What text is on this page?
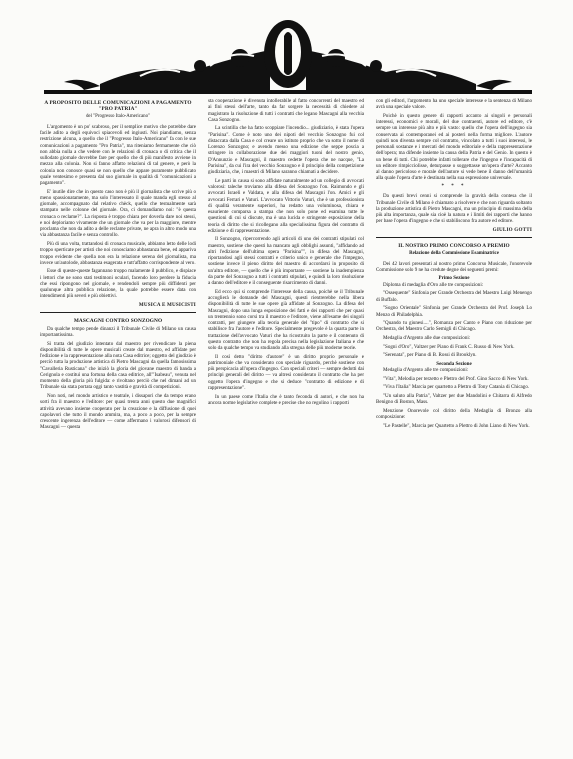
A PROPOSITO DELLE COMUNICAZIONI A PAGAMENTO "PRO PATRIA"
del "Progresso Italo-Americano"

L'argomento è un po' scabroso, per il semplice motivo che potrebbe dare facile adito a degli equivoci spiacevoli ed ingiusti. Noi piandiamo, senza restrizione alcuna, a quello che il "Progresso Italo-Americano" fa con le sue comunicazioni a pagamento "Pro Patria", ma riteniamo fermamente che ciò non abbia nulla a che vedere con le relazioni di cronaca o di critica che il sullodato giornale dovrebbe fare per quello che di più manifesto avviene in mezzo alla colonia. Non si fanno affatto relazioni di tal genere, e però la colonia non conosce quasi se non quello che appare puramente pubblicato quale ventesimo e presenta dal suo giornale in qualità di "comunicazioni a pagamento".

E' inutile dire che in questo caso non è più il giornalista che scrive più o meno spassionatamente, ma solo l'interessato il quale manda egli stesso al giornale, accompagnato dal relativo chèck, quello che testualmente sarà stampato nelle colonne del giornale. Ora, ci domandiamo noi: "è questa cronaca o reclame?". La risposta è troppo chiara per doverla dare noi stessi, e noi deploriamo vivamente che un giornale che va per la maggiore, mentre proclama che non da adito a delle reclame private, ne apra in altro modo una via abbastanza facile e senza controllo.

Più di una volta, trattandosi di cronaca musicale, abbiamo letto delle lodi troppo sperticate per artisti che noi conosciamo abbastanza bene, ed appariva troppo evidente che quella non era la relazione serena del giornalista, ma invece un'autolode, abbastanza esagerata e tutt'affatto corrispondente al vero.

Esse di queste-queste fagannano troppo malamente il pubblico, e dispiace i lettori che ne sono stati testimoni oculari, facendo loro perdere la fiducia che essi ripongono nel giornale, e rendendoli sempre più diffidenti per qualunque altra pubblica relazione, la quale potrebbe essere data con intendimenti più severi e più obiettivi.

MUSICA E MUSICISTI
MASCAGNI CONTRO SONZOGNO

Da qualche tempo pende dinanzi il Tribunale Civile di Milano un causa importantissima.

Si tratta del giudizio intentato dal maestro per rivendicare la piena disponibilità di tutte le opere musicali create dal maestro, ed affidate per l'edizione e la rappresentazione alla nota Casa editrice; oggetto del giudizio è perciò tutta la produzione artistica di Pietro Mascagni da quella famosissima "Cavalleria Rusticana" che iniziò la gloria del giovane maestro di banda a Cerignola e costituì una fortuna della casa editrice, all'"Isabeau", venuta nel momento della gloria più fulgida: e rivoltano perciò che nel dimani ad un Tribunale sia stata portata oggi tanto vastità e gravità di competizioni.

Non noti, nel mondo artistico e teatrale, i dissapori che da tempo erano sorti fra il maestro e l'editore: per quasi trenta anni questo due magnifici attività avevano insieme cooperato per la creazione e la diffusione di quei capolavori che tutto il mondo ammira, ma, a poco a poco, per la sempre crescente ingerenza dell'editore — come affermano i valorosi difensori di Mascagni — questa

sta cooperazione è divenuta intollerabile al fatto concorrenti del maestro ed ai fini stessi dell'arte, tanto da far sorgere la necessità di chiedere al magistrato la risoluzione di tutti i contratti che legano Mascagni alla vecchia Casa Sonzogno.

La scintilla che ha fatto scoppiare l'incendio... giudiziario, è stata l'opera "Parisina". Come è noto uno dei nipoti del vecchio Sonzogno fui col distaccata dalla Casa e col creare un istituto proprio che va sotto il nome di Lorenzo Sonzogno; e avendo messo una edizione che seppe poscia a stringere in collaborazione due dei maggiori tuoni del nostro genio, D'Annunzio e Mascagni, il maestro cedette l'opera che ne nacque, "La Parisina", da cui l'ira del vecchio Sonzogno e il principio della competizione giudiziaria, che, i maestri di Milano saranno chiamati a decidere.

Le parti in causa si sono affidate naturalmente ad un collegio di avvocati valorosi: taleche troviamo alla difesa del Sonzogno l'on. Raimondo e gli avvocati Israeli e Valdata, e alla difesa del Mascagni l'on. Amici e gli avvocati Ferrari e Vaturi. L'avvocato Vittorio Vaturi, che è un professionista di qualità veramente superiori, ha redatto una voluminosa, chiara e esauriente comparsa a stampa che non solo pone ed esamina tutte le questioni di cui si discute, ma è una lucida e stringente esposizione della teoria di diritto che si ricollegano alla specialissima figura del contratto di edizione e di rappresentazione.

Il Sonzogno, ripercorrendo agli articoli di uno dei contratti stipulati col maestro, sostiene che questi ha mancato agli obblighi assunti, "affidando ad altri l'edizione dell'ultima opera "Parisina"", in difesa del Mascagni, riportandosi agli stessi contratti e criterio unico e generale che l'impegno, sostiene invece il pieno diritto del maestro di accordarsi in proposito di un'altra editore, — quello che è più importante — sostiene la inadempienza da parte del Sonzogno a tutti i contratti stipulati, e quindi la loro risoluzione a danno dell'editore e il conseguente risarcimento di danni.

Ed ecco qui si comprende l'interesse della causa, poichè se il Tribunale accoglierà le domande del Mascagni, questi rientrerebbe nella libera disponibilità di tutte le sue opere già affidate al Sonzogno. La difesa del Mascagni, dopo una lunga esposizione dei fatti e dei rapporti che per quasi un trentennio sono corsi tra il maestro e l'editore, viene all'esame dei singoli contratti, per giungere alla teoria generale del "tipo" di contratto che si stabilisce fra l'autore e l'editore. Specialmente pregevole è la quarta parte in trattazione dell'avvocato Vaturi che ha ricostruito la parte e il contenuto di questo contratto che non ha regola precisa nella legislazione Italiana e che solo da qualche tempo va studiando alla stregua delle più moderne teorie.

Il così detto "diritto d'autore" è un diritto proprio personale e patrimoniale che va considerato con speciale riguardo, perchè sostiene con più perspicacia all'opera d'ingegno. Con speciali criteri — sempre dedotti dai principi generali del diritto — va altresì considerato il contratto che ha per oggetto l'opera d'ingegno e che si deduce "contratto di edizione e di rappresentazione".

In un paese come l'Italia che è tanto feconda di autori, e che non ha ancora norme legislative complete e precise che no regolino i rapporti

con gli editori, l'argomento ha uno speciale interesse e la sentenza di Milano avrà una speciale valore.

Poichè in questo genere di rapporti accanto ai singoli e personali interessi, economici e morali, del due contraenti, autore ed editore, c'è sempre un interesse più alto e più vasto: quello che l'opera dell'ingegno sia conservata ai contemporanei ed ai posteri nella forma migliore. L'autore quindi non diventa sempre col contratto, vincolato a tutti i suoi interessi, le personali sostanze e i mercati del mondo editoriale e della rappresentazione dell'opera; ma difende insieme la causa della Patria e del Genio. In questo è un bene di tutti. Chi potrebbe infatti tollerare che l'ingegno e l'incapacità di un editore rimpicciolisse, deturpasse o soggettasse un'opera d'arte? Accanto al danno pericoloso e morale dell'autore si vede bene il danno dell'umanità alla quale l'opera d'arte è destinata nella sua espressione universale.

* * *

Da questi brevi cenni si comprende la gravità della contesa che il Tribunale Civile di Milano è chiamato a risolvere e che non riguarda soltanto la produzione artistica di Pietro Mascagni, ma un principio di massima della più alta importanza, quale sia cioè la natura e i limiti dei rapporti che hanno per base l'opera d'ingegno e che si stabiliscono fra autore ed editore.

GIULIO GOTTI
IL NOSTRO PRIMO CONCORSO A PREMIO
Relazione della Commissione Esaminatrice

Dei 42 lavori presentati al nostro primo Concorso Musicale, l'onorevole Commissione solo 9 ne ha credute degne dei seguenti premi:

Primo Sezione

Diploma di medaglia d'Oro alle tre composizioni:

"Ossequente" Sinfonia per Grande Orchestra del Maestro Luigi Menengo di Buffalo.

"Sogno Orientale" Sinfonia per Grande Orchestra del Prof. Joseph Lo Menzo di Philadelphia.

"Quando tu giunesi....", Romanza per Canto e Piano con riduzione per Orchestra, del Maestro Carlo Semigli di Chicago.

Medaglia d'Argento alle due composizioni:

"Sogni d'Oro", Valtzer per Piano di Frank C. Russo di New York.

"Serenata", per Piano di B. Rossi di Brooklyn.

Seconda Sezione

Medaglia d'Argento alle tre composizioni:

"Vita", Melodia per terzetto e Plettro del Prof. Gino Sacco di New York.

"Viva l'Italia" Marcia per quartetto a Plettro di Tony Catania di Chicago.

"Un saluto alla Patria", Valtzer per due Mandolini e Chitarra di Alfredo Benigno di Boston, Mass.

Menzione Onorevole col diritto della Medaglia di Bronzo alla composizione:

"Le Pastelle", Marcia per Quartetto a Plettro di John Liano di New York.
